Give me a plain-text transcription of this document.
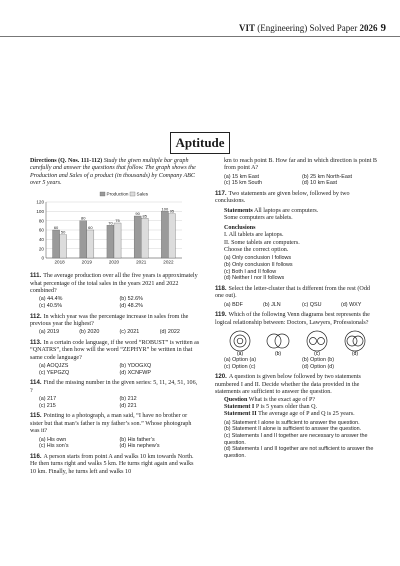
VIT (Engineering) Solved Paper 2026 9
Aptitude

Directions (Q. Nos. 111-112) Study the given multiple bar graph carefully and answer the questions that follow. The graph shows the Production and Sales of a product (in thousands) by Company ABC over 5 years.

0
20
40
60
80
100
120
60
50
2018
80
60
2019
70 75
2020
90 85
2021
100 95
2022
Production Sales

111. The average production over all the five years is approximately what percentage of the total sales in the years 2021 and 2022 combined?

(a) 44.4%	(b) 52.6%
(c) 40.5%	(d) 48.2%

112. In which year was the percentage increase in sales from the previous year the highest?

(a) 2019	(b) 2020	(c) 2021	(d) 2022

113. In a certain code language, if the word “ROBUST” is written as “QNATRS”, then how will the word “ZEPHYR” be written in that same code language?

(a) AOQJZS	(b) YDOGXQ
(c) YEPGZQ	(d) XCNFWP

114. Find the missing number in the given series: 5, 11, 24, 51, 106, ?

(a) 217	(b) 212
(c) 215	(d) 221

115. Pointing to a photograph, a man said, “I have no brother or sister but that man’s father is my father’s son.” Whose photograph was it?

(a) His own	(b) His father’s
(c) His son’s	(d) His nephew’s

116. A person starts from point A and walks 10 km towards North. He then turns right and walks 5 km. He turns right again and walks 10 km. Finally, he turns left and walks 10

km to reach point B. How far and in which direction is point B from point A?

(a) 15 km East	(b) 25 km North-East
(c) 15 km South	(d) 10 km East

117. Two statements are given below, followed by two conclusions.

Statements All laptops are computers.

Some computers are tablets.

Conclusions

I. All tablets are laptops.

II. Some tablets are computers.

Choose the correct option.

(a) Only conclusion I follows
(b) Only conclusion II follows
(c) Both I and II follow
(d) Neither I nor II follows

118. Select the letter-cluster that is different from the rest (Odd one out).

(a) BDF	(b) JLN	(c) QSU	(d) WXY

119. Which of the following Venn diagrams best represents the logical relationship between: Doctors, Lawyers, Professionals?

(a)	(b)	(c)	(d)
(a) Option (a)	(b) Option (b)
(c) Option (c)	(d) Option (d)

120. A question is given below followed by two statements numbered I and II. Decide whether the data provided in the statements are sufficient to answer the question.

Question What is the exact age of P?

Statement I P is 5 years older than Q.

Statement II The average age of P and Q is 25 years.

(a) Statement I alone is sufficient to answer the question.
(b) Statement II alone is sufficient to answer the question.
(c) Statements I and II together are necessary to answer the question.
(d) Statements I and II together are not sufficient to answer the question.
